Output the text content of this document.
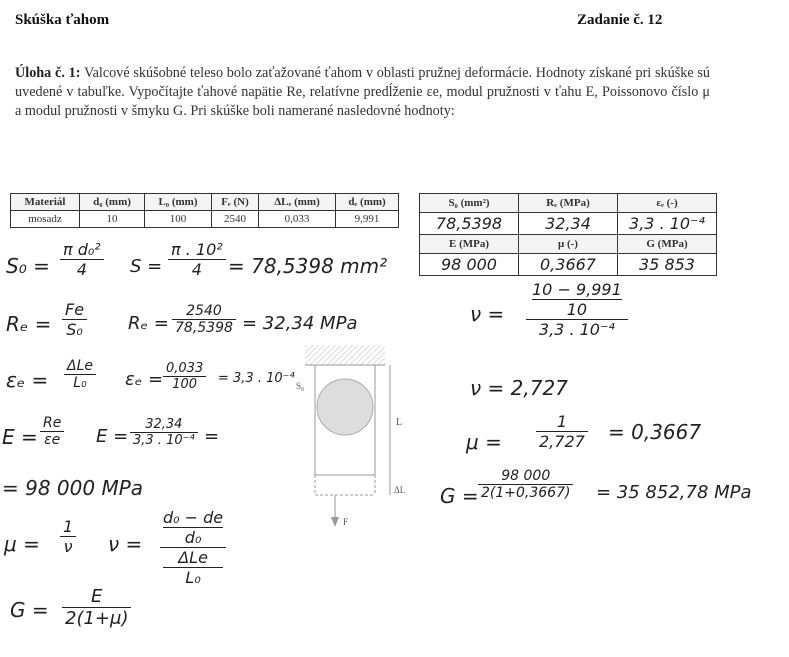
Skúška ťahom	Zadanie č. 12
Úloha č. 1: Valcové skúšobné teleso bolo zaťažované ťahom v oblasti pružnej deformácie. Hodnoty získané pri skúške sú uvedené v tabuľke. Vypočítajte ťahové napätie Re, relatívne predĺženie εe, modul pružnosti v ťahu E, Poissonovo číslo μ a modul pružnosti v šmyku G. Pri skúške boli namerané nasledovné hodnoty:
Materiál	d₀ (mm)	L₀ (mm)	Fₑ (N)	ΔLₑ (mm)	dₑ (mm)
mosadz	10	100	2540	0,033	9,991
S₀ (mm²)	Rₑ (MPa)	εₑ (-)
78,5398	32,34	3,3 . 10⁻⁴
E (MPa)	μ (-)	G (MPa)
98 000	0,3667	35 853
$S_0 = \frac{\text{π d₀²}}{4}$ $S = \frac{\text{π . 10²}}{4} = 78,5398$ mm²
$R_e = \frac{Fe}{\text{S₀}}$ $R_e = \frac{2540}{78,5398} = 32,34$ MPa
εₑ =
ΔLe
L₀	$\varepsilon_e = \frac{0,033}{100} = 3,3$ . 10⁻⁴
$E = \frac{Re}{\varepsilon e}$ $E = \frac{32,34}{\text{3,3 . 10⁻⁴}}$ =
= 98 000 MPa
$\mu = \frac{1}{\nu}$ ν =
d₀ − de
d₀
ΔLe
L₀
$G = \frac{E}{2(1+\mu)}$
S₀
L
ΔL
F
ν = 10 − 9,991
10
3,3 . 10⁻⁴
ν = 2,727
$\mu = \frac{1}{2,727} = 0,3667$
$G = \frac{98 000}{2(1+0,3667)} = 35$ 852,78 MPa
